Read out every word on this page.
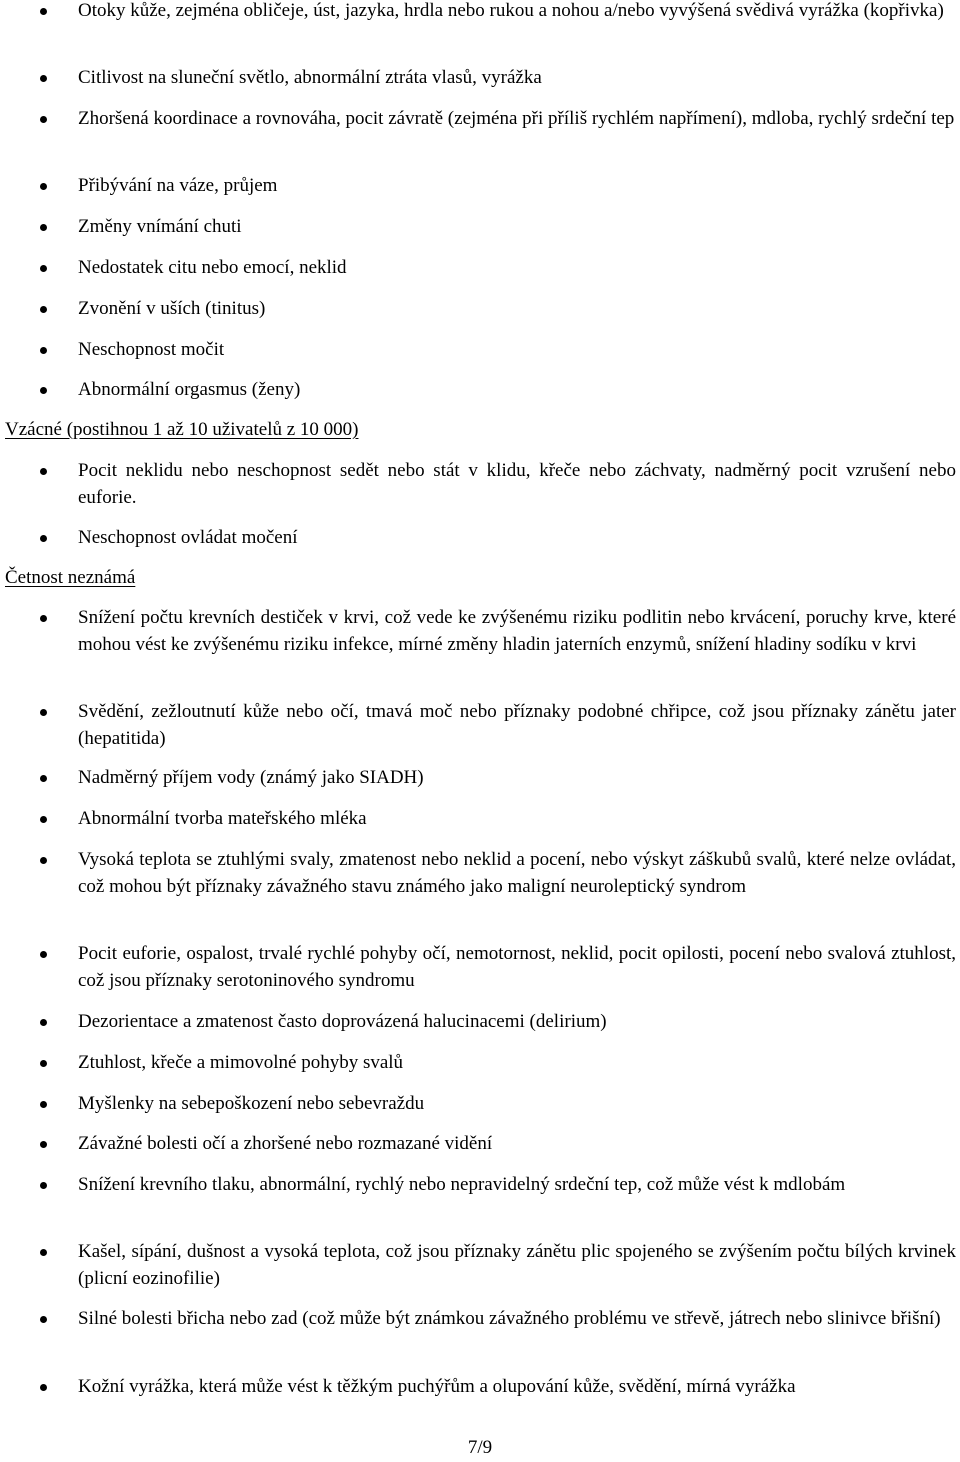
Otoky kůže, zejména obličeje, úst, jazyka, hrdla nebo rukou a nohou a/nebo vyvýšená svědivá vyrážka (kopřivka)

Citlivost na sluneční světlo, abnormální ztráta vlasů, vyrážka

Zhoršená koordinace a rovnováha, pocit závratě (zejména při příliš rychlém napřímení), mdloba, rychlý srdeční tep

Přibývání na váze, průjem

Změny vnímání chuti

Nedostatek citu nebo emocí, neklid

Zvonění v uších (tinitus)

Neschopnost močit

Abnormální orgasmus (ženy)

Vzácné (postihnou 1 až 10 uživatelů z 10 000)

Pocit neklidu nebo neschopnost sedět nebo stát v klidu, křeče nebo záchvaty, nadměrný pocit vzrušení nebo euforie.

Neschopnost ovládat močení

Četnost neznámá

Snížení počtu krevních destiček v krvi, což vede ke zvýšenému riziku podlitin nebo krvácení, poruchy krve, které mohou vést ke zvýšenému riziku infekce, mírné změny hladin jaterních enzymů, snížení hladiny sodíku v krvi

Svědění, zežloutnutí kůže nebo očí, tmavá moč nebo příznaky podobné chřipce, což jsou příznaky zánětu jater (hepatitida)

Nadměrný příjem vody (známý jako SIADH)

Abnormální tvorba mateřského mléka

Vysoká teplota se ztuhlými svaly, zmatenost nebo neklid a pocení, nebo výskyt záškubů svalů, které nelze ovládat, což mohou být příznaky závažného stavu známého jako maligní neuroleptický syndrom

Pocit euforie, ospalost, trvalé rychlé pohyby očí, nemotornost, neklid, pocit opilosti, pocení nebo svalová ztuhlost, což jsou příznaky serotoninového syndromu

Dezorientace a zmatenost často doprovázená halucinacemi (delirium)

Ztuhlost, křeče a mimovolné pohyby svalů

Myšlenky na sebepoškození nebo sebevraždu

Závažné bolesti očí a zhoršené nebo rozmazané vidění

Snížení krevního tlaku, abnormální, rychlý nebo nepravidelný srdeční tep, což může vést k mdlobám

Kašel, sípání, dušnost a vysoká teplota, což jsou příznaky zánětu plic spojeného se zvýšením počtu bílých krvinek (plicní eozinofilie)

Silné bolesti břicha nebo zad (což může být známkou závažného problému ve střevě, játrech nebo slinivce břišní)

Kožní vyrážka, která může vést k těžkým puchýřům a olupování kůže, svědění, mírná vyrážka

7/9
